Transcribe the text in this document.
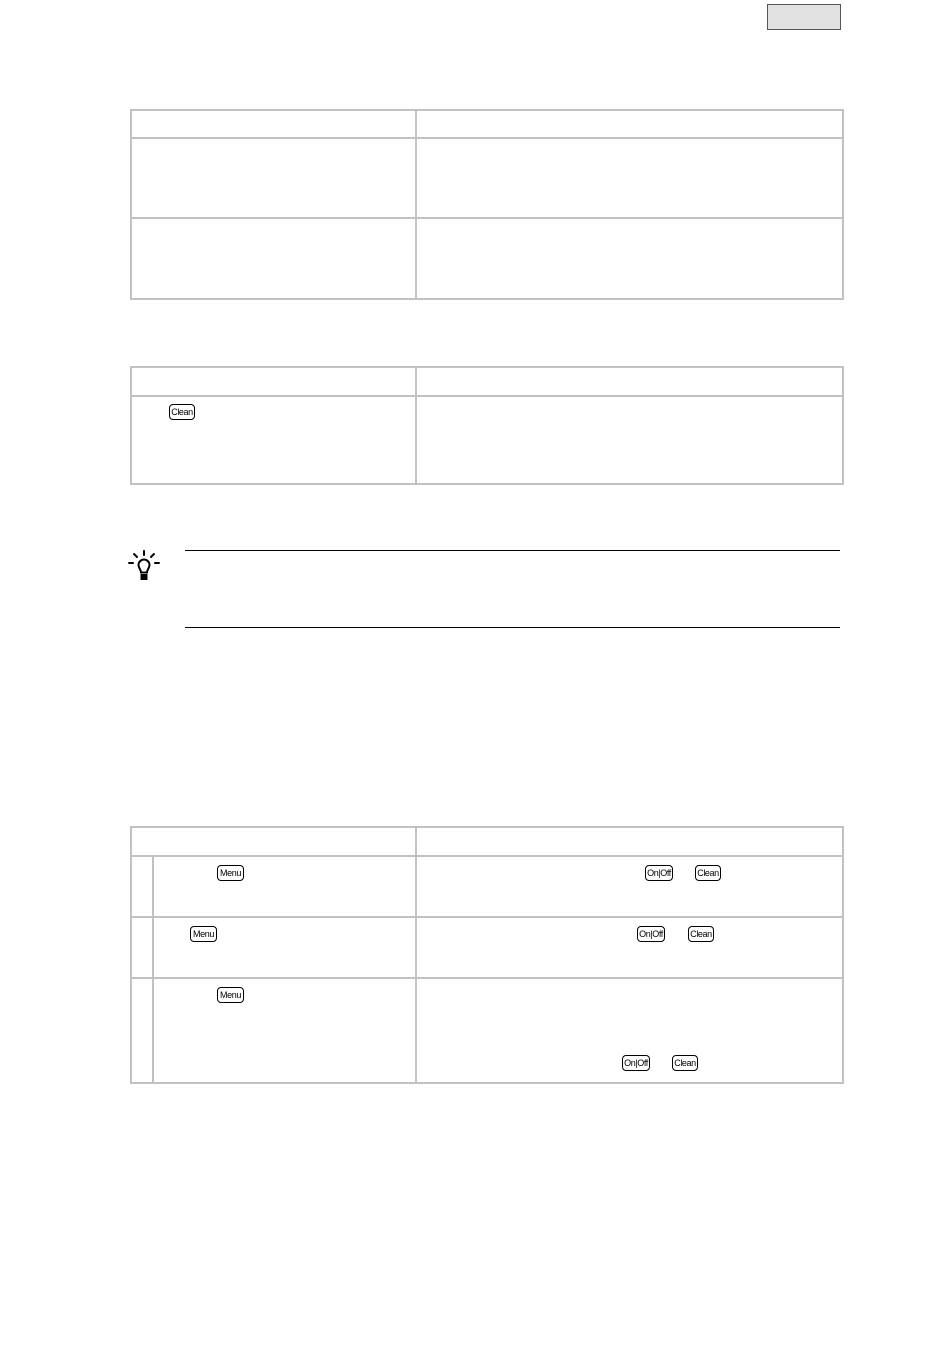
Clean	

Menu	On|Off Clean

Menu	On|Off Clean

Menu	On|Off Clean
